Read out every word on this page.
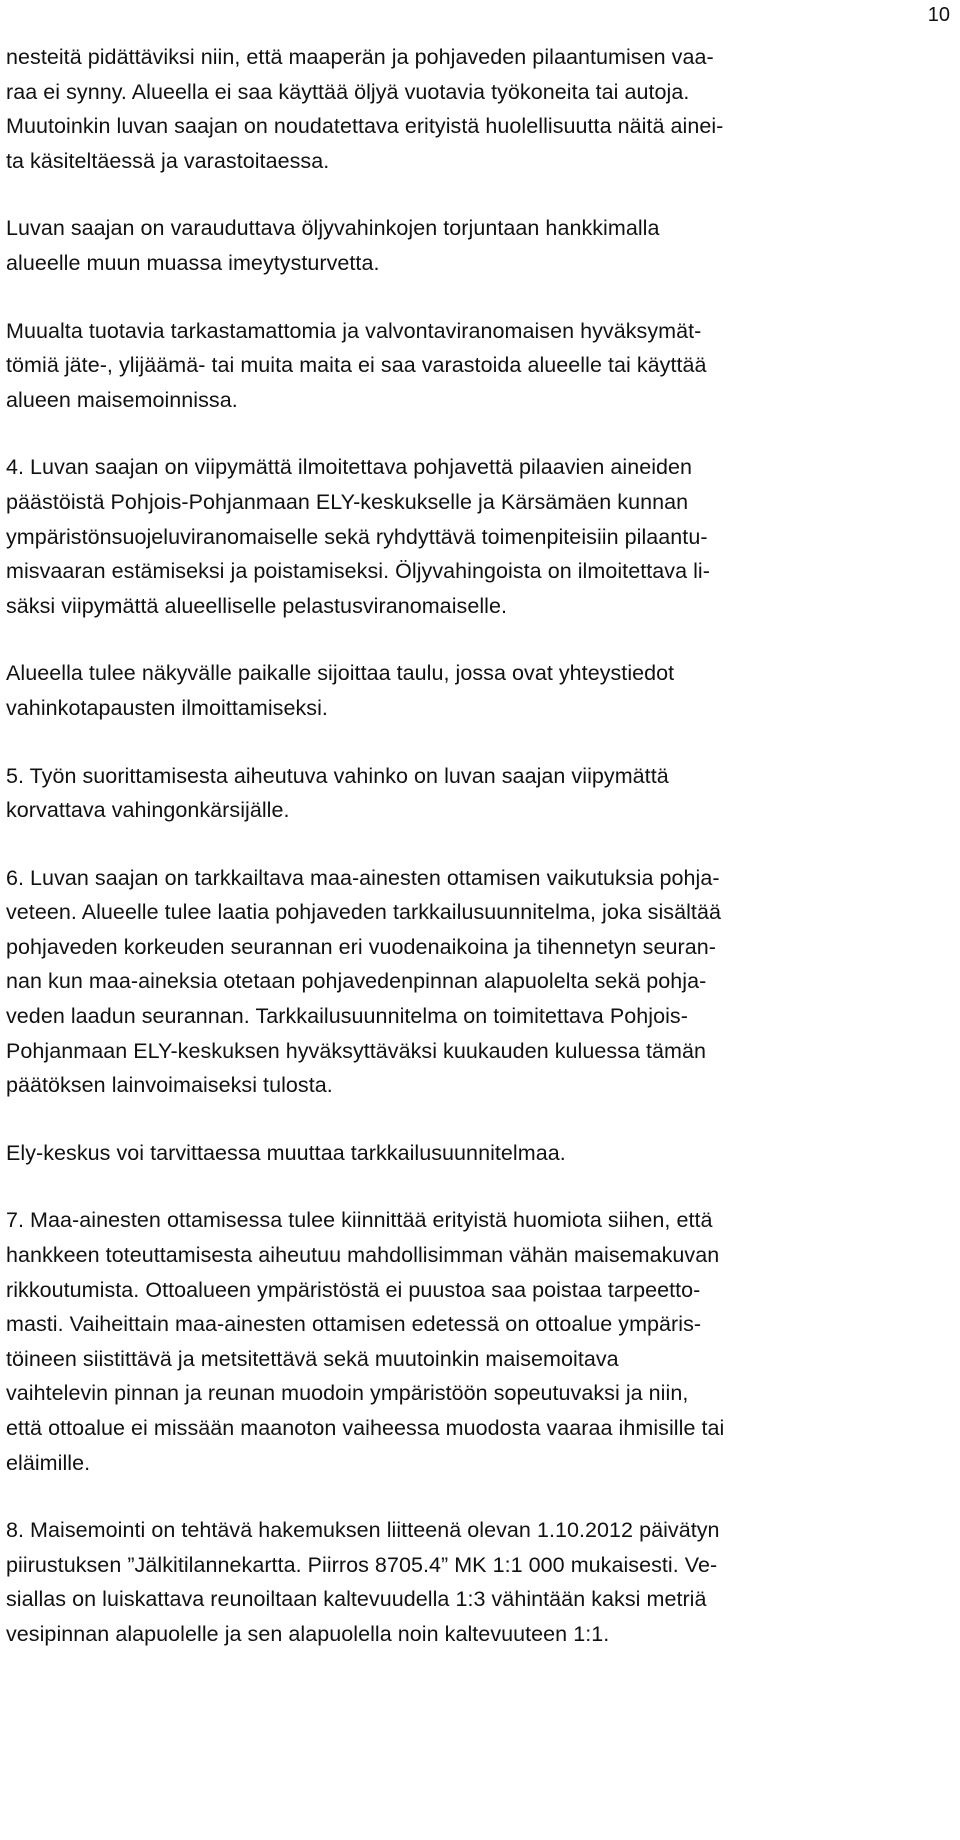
10

nesteitä pidättäviksi niin, että maaperän ja pohjaveden pilaantumisen vaa-
raa ei synny. Alueella ei saa käyttää öljyä vuotavia työkoneita tai autoja.
Muutoinkin luvan saajan on noudatettava erityistä huolellisuutta näitä ainei-
ta käsiteltäessä ja varastoitaessa.

Luvan saajan on varauduttava öljyvahinkojen torjuntaan hankkimalla
alueelle muun muassa imeytysturvetta.

Muualta tuotavia tarkastamattomia ja valvontaviranomaisen hyväksymät-
tömiä jäte-, ylijäämä- tai muita maita ei saa varastoida alueelle tai käyttää
alueen maisemoinnissa.

4. Luvan saajan on viipymättä ilmoitettava pohjavettä pilaavien aineiden
päästöistä Pohjois-Pohjanmaan ELY-keskukselle ja Kärsämäen kunnan
ympäristönsuojeluviranomaiselle sekä ryhdyttävä toimenpiteisiin pilaantu-
misvaaran estämiseksi ja poistamiseksi. Öljyvahingoista on ilmoitettava li-
säksi viipymättä alueelliselle pelastusviranomaiselle.

Alueella tulee näkyvälle paikalle sijoittaa taulu, jossa ovat yhteystiedot
vahinkotapausten ilmoittamiseksi.

5. Työn suorittamisesta aiheutuva vahinko on luvan saajan viipymättä
korvattava vahingonkärsijälle.

6. Luvan saajan on tarkkailtava maa-ainesten ottamisen vaikutuksia pohja-
veteen. Alueelle tulee laatia pohjaveden tarkkailusuunnitelma, joka sisältää
pohjaveden korkeuden seurannan eri vuodenaikoina ja tihennetyn seuran-
nan kun maa-aineksia otetaan pohjavedenpinnan alapuolelta sekä pohja-
veden laadun seurannan. Tarkkailusuunnitelma on toimitettava Pohjois-
Pohjanmaan ELY-keskuksen hyväksyttäväksi kuukauden kuluessa tämän
päätöksen lainvoimaiseksi tulosta.

Ely-keskus voi tarvittaessa muuttaa tarkkailusuunnitelmaa.

7. Maa-ainesten ottamisessa tulee kiinnittää erityistä huomiota siihen, että
hankkeen toteuttamisesta aiheutuu mahdollisimman vähän maisemakuvan
rikkoutumista. Ottoalueen ympäristöstä ei puustoa saa poistaa tarpeetto-
masti. Vaiheittain maa-ainesten ottamisen edetessä on ottoalue ympäris-
töineen siistittävä ja metsitettävä sekä muutoinkin maisemoitava
vaihtelevin pinnan ja reunan muodoin ympäristöön sopeutuvaksi ja niin,
että ottoalue ei missään maanoton vaiheessa muodosta vaaraa ihmisille tai
eläimille.

8. Maisemointi on tehtävä hakemuksen liitteenä olevan 1.10.2012 päivätyn
piirustuksen ”Jälkitilannekartta. Piirros 8705.4” MK 1:1 000 mukaisesti. Ve-
siallas on luiskattava reunoiltaan kaltevuudella 1:3 vähintään kaksi metriä
vesipinnan alapuolelle ja sen alapuolella noin kaltevuuteen 1:1.
